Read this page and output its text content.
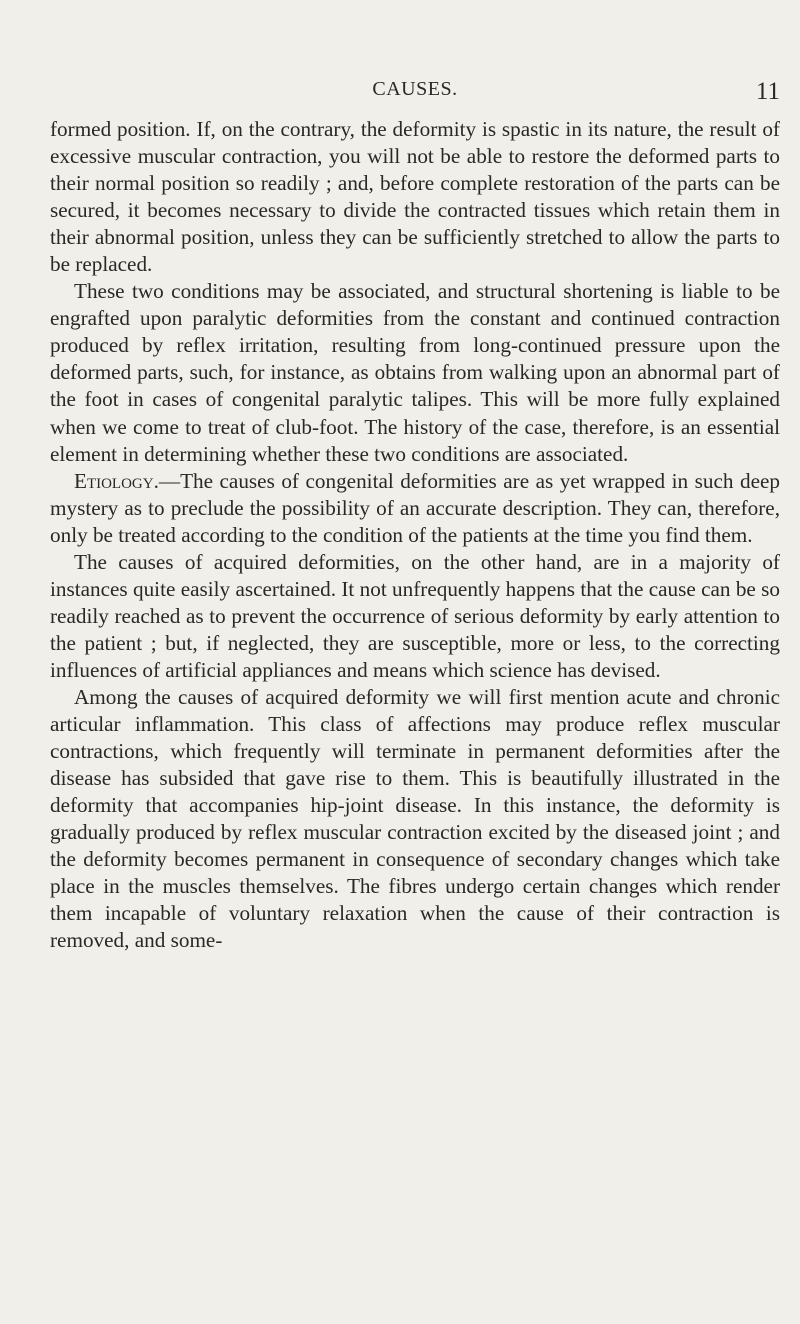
CAUSES.	11

formed position. If, on the contrary, the deformity is spastic in its nature, the result of excessive muscular contraction, you will not be able to restore the deformed parts to their normal position so readily ; and, before complete restoration of the parts can be secured, it becomes necessary to divide the contracted tissues which retain them in their abnormal position, unless they can be sufficiently stretched to allow the parts to be replaced.

These two conditions may be associated, and structural shortening is liable to be engrafted upon paralytic deformities from the constant and continued contraction produced by reflex irritation, resulting from long-continued pressure upon the deformed parts, such, for instance, as obtains from walking upon an abnormal part of the foot in cases of congenital paralytic talipes. This will be more fully explained when we come to treat of club-foot. The history of the case, therefore, is an essential element in determining whether these two conditions are associated.

Etiology.—The causes of congenital deformities are as yet wrapped in such deep mystery as to preclude the possibility of an accurate description. They can, therefore, only be treated according to the condition of the patients at the time you find them.

The causes of acquired deformities, on the other hand, are in a majority of instances quite easily ascertained. It not unfrequently happens that the cause can be so readily reached as to prevent the occurrence of serious deformity by early attention to the patient ; but, if neglected, they are susceptible, more or less, to the correcting influences of artificial appliances and means which science has devised.

Among the causes of acquired deformity we will first mention acute and chronic articular inflammation. This class of affections may produce reflex muscular contractions, which frequently will terminate in permanent deformities after the disease has subsided that gave rise to them. This is beautifully illustrated in the deformity that accompanies hip-joint disease. In this instance, the deformity is gradually produced by reflex muscular contraction excited by the diseased joint ; and the deformity becomes permanent in consequence of secondary changes which take place in the muscles themselves. The fibres undergo certain changes which render them incapable of voluntary relaxation when the cause of their contraction is removed, and some-
